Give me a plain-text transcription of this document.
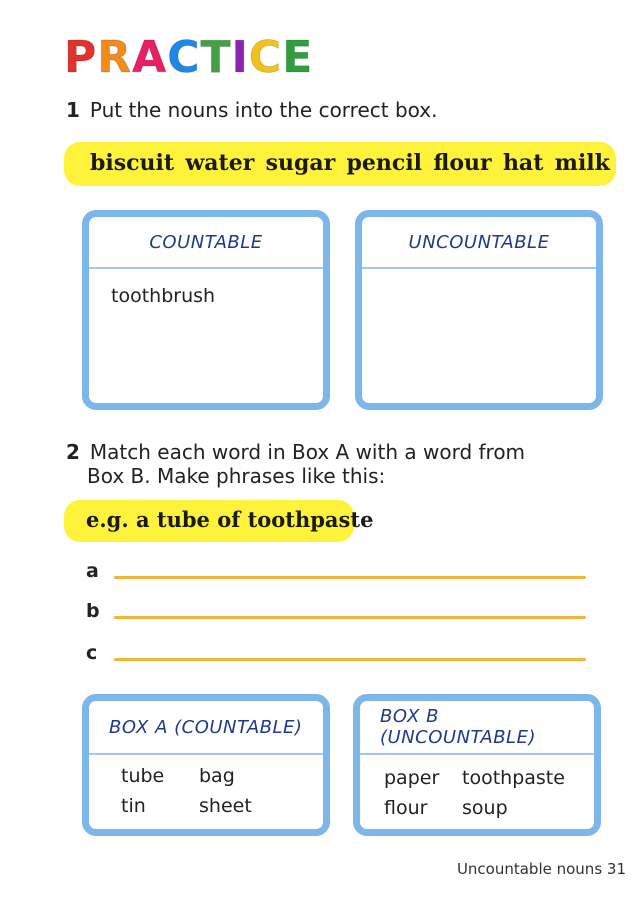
PRACTICE
1 Put the nouns into the correct box.
biscuit water sugar pencil flour hat milk
COUNTABLE
toothbrush
UNCOUNTABLE
2 Match each word in Box A with a word from
Box B. Make phrases like this:
e.g. a tube of toothpaste
a
b
c
BOX A (COUNTABLE)
tube bag
tin	sheet
BOX B (UNCOUNTABLE)
paper toothpaste
flour soup
Uncountable nouns 31
